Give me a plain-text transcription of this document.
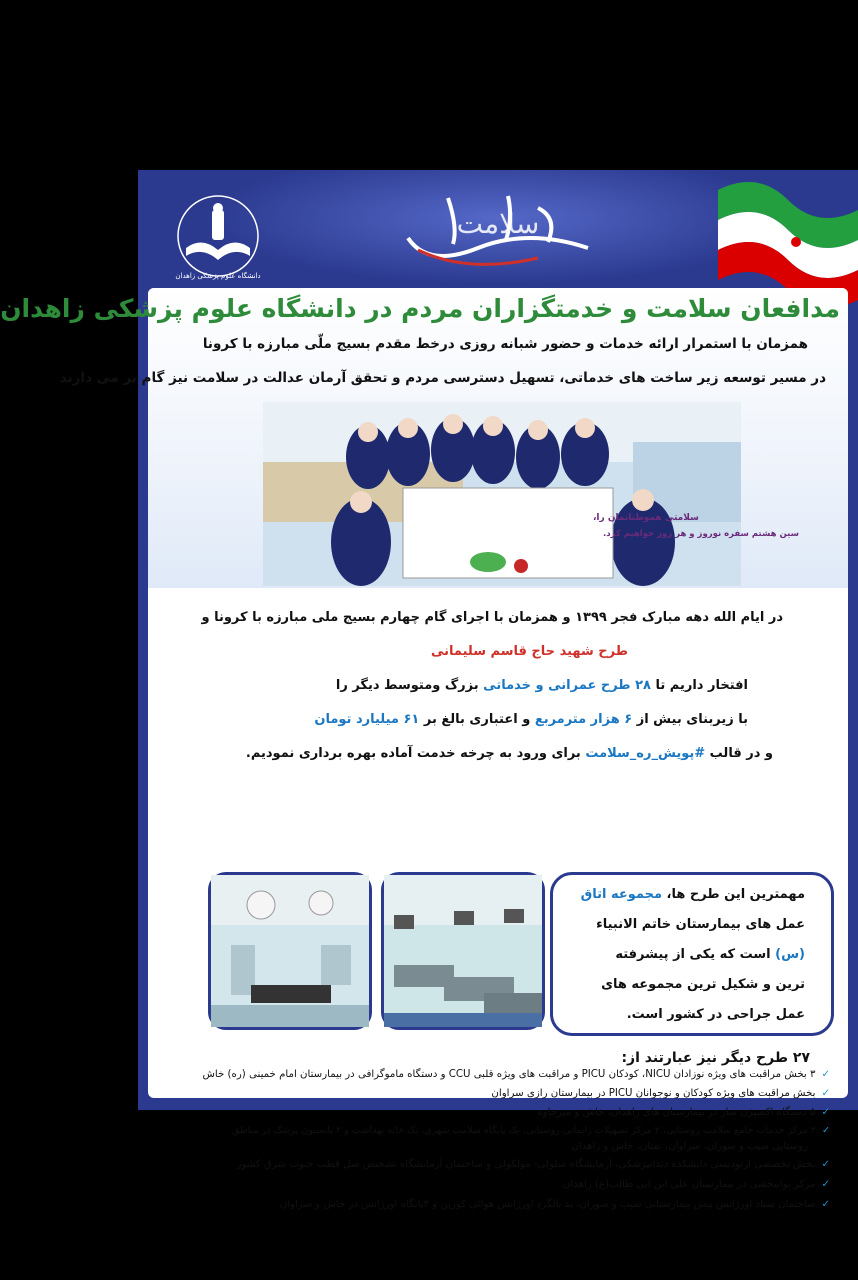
دانشگاه علوم پزشکی زاهدان
سلامت
مدافعان سلامت و خدمتگزاران مردم در دانشگاه علوم پزشکی زاهدان
همزمان با استمرار ارائه خدمات و حضور شبانه روزی درخط مقدم بسیج ملّی مبارزه با کرونا
در مسیر توسعه زیر ساخت های خدماتی، تسهیل دسترسی مردم و تحقق آرمان عدالت در سلامت نیز گام بر می دارند
سلامتی هموطنانمان را،
سین هشتم سفره نوروز و هر روز خواهیم کرد.
در ایام الله دهه مبارک فجر ۱۳۹۹ و همزمان با اجرای گام چهارم بسیج ملی مبارزه با کرونا و
طرح شهید حاج قاسم سلیمانی
افتخار داریم تا ۲۸ طرح عمرانی و خدماتی بزرگ ومتوسط دیگر را
با زیربنای بیش از ۶ هزار مترمربع و اعتباری بالغ بر ۶۱ میلیارد تومان
و در قالب #پویش_ره_سلامت برای ورود به چرخه خدمت آماده بهره برداری نمودیم.
مهمترین این طرح ها، مجموعه اتاق
عمل های بیمارستان خاتم الانبیاء
(س) است که یکی از پیشرفته
ترین و شکیل ترین مجموعه های
عمل جراحی در کشور است.
۲۷ طرح دیگر نیز عبارتند از:
✓۳ بخش مراقبت های ویژه نوزادان NICU، کودکان PICU و مراقبت های ویژه قلبی CCU و دستگاه ماموگرافی در بیمارستان امام خمینی (ره) خاش
✓بخش مراقبت های ویژه کودکان و نوجوانان PICU در بیمارستان رازی سراوان
✓۵ دستگاه اکسیژن ساز در بیمارستان های زاهدان، خاش و میرجاوه
✓۲ مرکز خدمات جامع سلامت روستایی، ۲ مرکز تسهیلات زایمانی روستایی، یک پایگاه سلامت شهری، یک خانه بهداشت و ۲ پانسیون پزشک در مناطق
روستایی سیب و سوران، سراوان، تفتان، خاش و زاهدان
✓بخش تخصصی ارتودنسی دانشکده دندانپزشکی، آزمایشگاه سلولی- مولکولی و ساختمان آزمایشگاه تشخیص سل قطب جنوب شرق کشور
✓مرکز توانبخشی در بیمارستان علی ابن ابی طالب(ع) زاهدان
✓ساختمان ستاد اورژانس پیش بیمارستانی سیب و سوران، پد بالگرد اورژانس هوائی کورین و ۳پایگاه اورژانس در خاش و سراوان
